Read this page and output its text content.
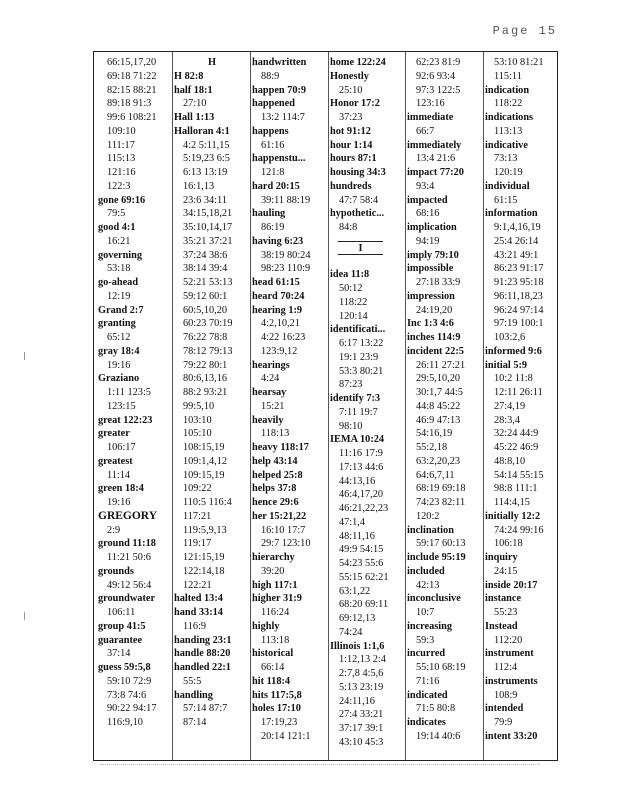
Page 15
66:15,17,20
69:18 71:22
82:15 88:21
89:18 91:3
99:6 108:21
109:10
111:17
115:13
121:16
122:3
gone 69:16
79:5
good 4:1
16:21
governing
53:18
go-ahead
12:19
Grand 2:7
granting
65:12
gray 18:4
19:16
Graziano
1:11 123:5
123:15
great 122:23
greater
106:17
greatest
11:14
green 18:4
19:16
GREGORY
2:9
ground 11:18
11:21 50:6
grounds
49:12 56:4
groundwater
106:11
group 41:5
guarantee
37:14
guess 59:5,8
59:10 72:9
73:8 74:6
90:22 94:17
116:9,10
H
H 82:8
half 18:1
27:10
Hall 1:13
Halloran 4:1
4:2 5:11,15
5:19,23 6:5
6:13 13:19
16:1,13
23:6 34:11
34:15,18,21
35:10,14,17
35:21 37:21
37:24 38:6
38:14 39:4
52:21 53:13
59:12 60:1
60:5,10,20
60:23 70:19
76:22 78:8
78:12 79:13
79:22 80:1
80:6,13,16
88:2 93:21
99:5,10
103:10
105:10
108:15,19
109:1,4,12
109:15,19
109:22
110:5 116:4
117:21
119:5,9,13
119:17
121:15,19
122:14,18
122:21
halted 13:4
hand 33:14
116:9
handing 23:1
handle 88:20
handled 22:1
55:5
handling
57:14 87:7
87:14
handwritten
88:9
happen 70:9
happened
13:2 114:7
happens
61:16
happenstu...
121:8
hard 20:15
39:11 88:19
hauling
86:19
having 6:23
38:19 80:24
98:23 110:9
head 61:15
heard 70:24
hearing 1:9
4:2,10,21
4:22 16:23
123:9,12
hearings
4:24
hearsay
15:21
heavily
118:13
heavy 118:17
help 43:14
helped 25:8
helps 37:8
hence 29:6
her 15:21,22
16:10 17:7
29:7 123:10
hierarchy
39:20
high 117:1
higher 31:9
116:24
highly
113:18
historical
66:14
hit 118:4
hits 117:5,8
holes 17:10
17:19,23
20:14 121:1
home 122:24
Honestly
25:10
Honor 17:2
37:23
hot 91:12
hour 1:14
hours 87:1
housing 34:3
hundreds
47:7 58:4
hypothetic...
84:8
I
idea 11:8
50:12
118:22
120:14
identificati...
6:17 13:22
19:1 23:9
53:3 80:21
87:23
identify 7:3
7:11 19:7
98:10
IEMA 10:24
11:16 17:9
17:13 44:6
44:13,16
46:4,17,20
46:21,22,23
47:1,4
48:11,16
49:9 54:15
54:23 55:6
55:15 62:21
63:1,22
68:20 69:11
69:12,13
74:24
Illinois 1:1,6
1:12,13 2:4
2:7,8 4:5,6
5:13 23:19
24:11,16
27:4 33:21
37:17 39:1
43:10 45:3
62:23 81:9
92:6 93:4
97:3 122:5
123:16
immediate
66:7
immediately
13:4 21:6
impact 77:20
93:4
impacted
68:16
implication
94:19
imply 79:10
impossible
27:18 33:9
impression
24:19,20
Inc 1:3 4:6
inches 114:9
incident 22:5
26:11 27:21
29:5,10,20
30:1,7 44:5
44:8 45:22
46:9 47:13
54:16,19
55:2,18
63:2,20,23
64:6,7,11
68:19 69:18
74:23 82:11
120:2
inclination
59:17 60:13
include 95:19
included
42:13
inconclusive
10:7
increasing
59:3
incurred
55:10 68:19
71:16
indicated
71:5 80:8
indicates
19:14 40:6
53:10 81:21
115:11
indication
118:22
indications
113:13
indicative
73:13
120:19
individual
61:15
information
9:1,4,16,19
25:4 26:14
43:21 49:1
86:23 91:17
91:23 95:18
96:11,18,23
96:24 97:14
97:19 100:1
103:2,6
informed 9:6
initial 5:9
10:2 11:8
12:11 26:11
27:4,19
28:3,4
32:24 44:9
45:22 46:9
48:8,10
54:14 55:15
98:8 111:1
114:4,15
initially 12:2
74:24 99:16
106:18
inquiry
24:15
inside 20:17
instance
55:23
Instead
112:20
instrument
112:4
instruments
108:9
intended
79:9
intent 33:20
